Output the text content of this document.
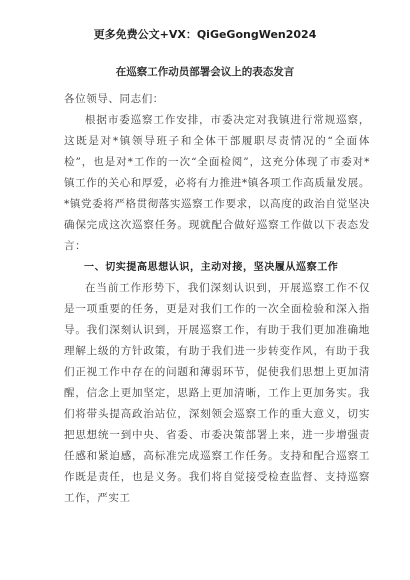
更多免费公文+VX：QiGeGongWen2024
在巡察工作动员部署会议上的表态发言

各位领导、同志们：

根据市委巡察工作安排，市委决定对我镇进行常规巡察，这既是对*镇领导班子和全体干部履职尽责情况的“全面体检”，也是对*工作的一次“全面检阅”，这充分体现了市委对*镇工作的关心和厚爱，必将有力推进*镇各项工作高质量发展。*镇党委将严格贯彻落实巡察工作要求，以高度的政治自觉坚决确保完成这次巡察任务。现就配合做好巡察工作做以下表态发言：

一、切实提高思想认识，主动对接，坚决履从巡察工作

在当前工作形势下，我们深刻认识到，开展巡察工作不仅是一项重要的任务，更是对我们工作的一次全面检验和深入指导。我们深刻认识到，开展巡察工作，有助于我们更加准确地理解上级的方针政策，有助于我们进一步转变作风，有助于我们正视工作中存在的问题和薄弱环节，促使我们思想上更加清醒，信念上更加坚定，思路上更加清晰，工作上更加务实。我们将带头提高政治站位，深刻领会巡察工作的重大意义，切实把思想统一到中央、省委、市委决策部署上来，进一步增强责任感和紧迫感，高标准完成巡察工作任务。支持和配合巡察工作既是责任，也是义务。我们将自觉接受检查监督、支持巡察工作，严实工
